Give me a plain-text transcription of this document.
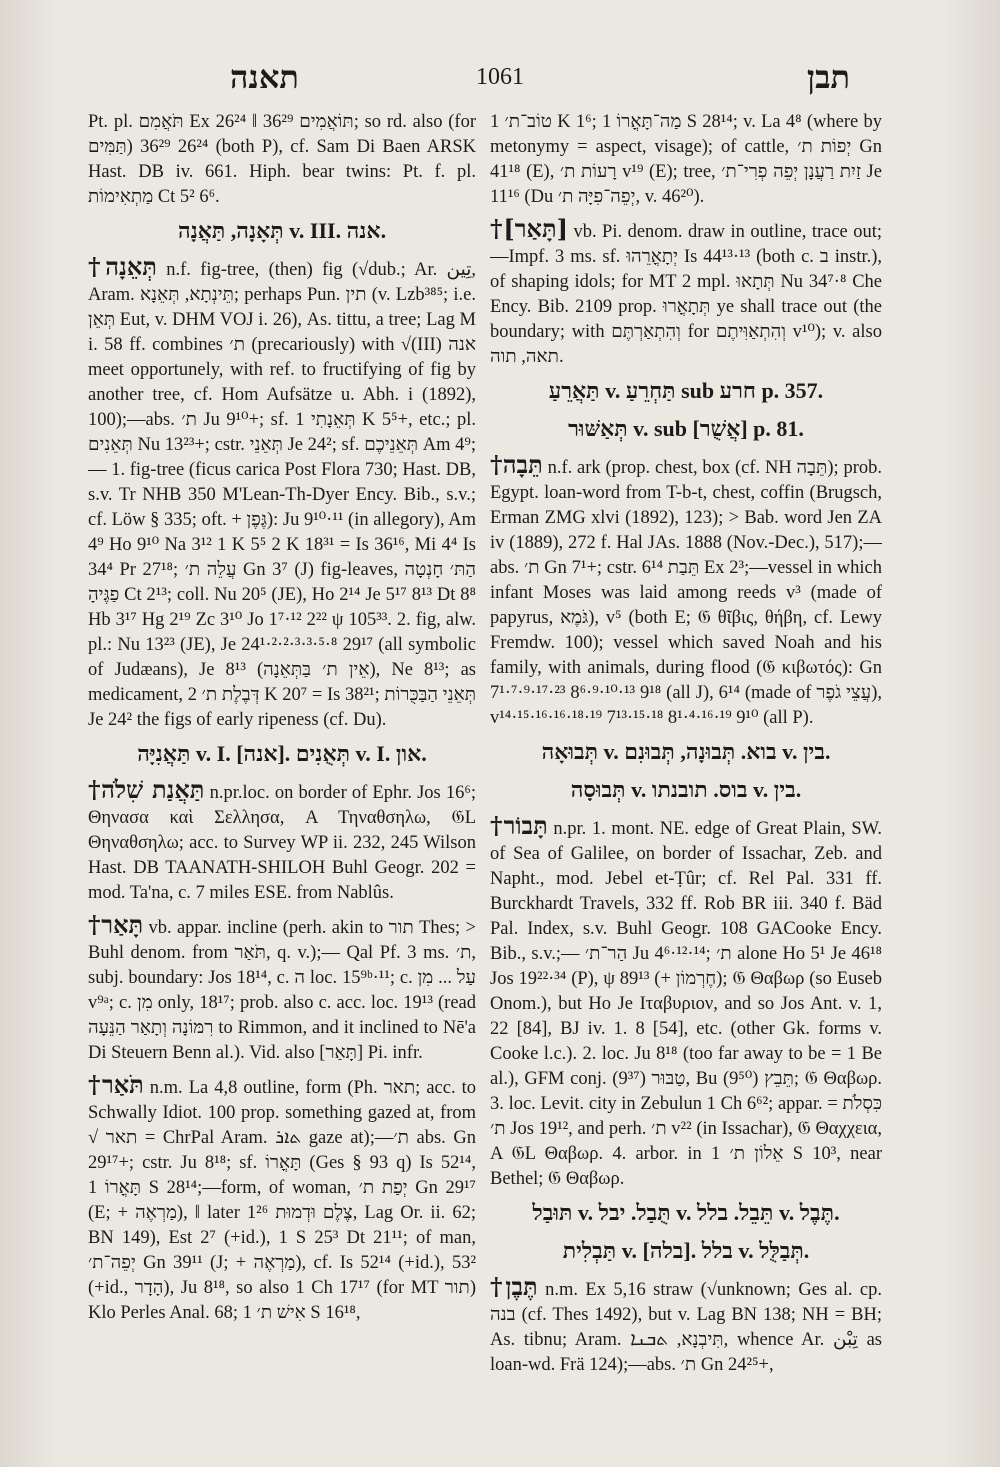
תאנה	1061	תבן

Pt. pl. תֹּאֲמִם Ex 26²⁴ ‖ תּוֹאֲמִים 36²⁹; so rd. also (for תַּמִּים) 26²⁴ 36²⁹ (both P), cf. Sam Di Baen ARSK Hast. DB iv. 661. Hiph. bear twins: Pt. f. pl. מַתְאִימוֹת Ct 5² 6⁶.

תְּאָנָה, תַּאֲנָה v. III. אנה.

†תְּאֵנָה n.f. fig-tree, (then) fig (√dub.; Ar. تِين, Aram. תֵּינְתָא, תְּאֵנָא; perhaps Pun. תין (v. Lzb³⁸⁵; i.e. תְּאֵן Eut, v. DHM VOJ i. 26), As. tittu, a tree; Lag M i. 58 ff. combines ת׳ (precariously) with √(III) אנה meet opportunely, with ref. to fructifying of fig by another tree, cf. Hom Aufsätze u. Abh. i (1892), 100);—abs. ת׳ Ju 9¹⁰+; sf. תְּאֵנָתִי 1 K 5⁵+, etc.; pl. תְּאֵנִים Nu 13²³+; cstr. תְּאֵנֵי Je 24²; sf. תְּאֵנֵיכֶם Am 4⁹;— 1. fig-tree (ficus carica Post Flora 730; Hast. DB, s.v. Tr NHB 350 M'Lean-Th-Dyer Ency. Bib., s.v.; cf. Löw § 335; oft. + גֶּפֶן): Ju 9¹⁰·¹¹ (in allegory), Am 4⁹ Ho 9¹⁰ Na 3¹² 1 K 5⁵ 2 K 18³¹ = Is 36¹⁶, Mi 4⁴ Is 34⁴ Pr 27¹⁸; עֲלֵה ת׳ Gn 3⁷ (J) fig-leaves, הַתּ׳ חָנְטָה פַגֶּיהָ Ct 2¹³; coll. Nu 20⁵ (JE), Ho 2¹⁴ Je 5¹⁷ 8¹³ Dt 8⁸ Hb 3¹⁷ Hg 2¹⁹ Zc 3¹⁰ Jo 1⁷·¹² 2²² ψ 105³³. 2. fig, alw. pl.: Nu 13²³ (JE), Je 24¹·²·²·³·³·⁵·⁸ 29¹⁷ (all symbolic of Judæans), Je 8¹³ (אֵין ת׳ בַּתְּאֵנָה), Ne 8¹³; as medicament, דְּבֶלֶת ת׳ 2 K 20⁷ = Is 38²¹; תְּאֵנֵי הַבַּכֻּרוֹת Je 24² the figs of early ripeness (cf. Du).

תַּאֲנִיָּה v. I. [אנה]. תְּאֻנִים v. I. און.

†תַּאֲנַת שִׁלֹה n.pr.loc. on border of Ephr. Jos 16⁶; Θηνασα καὶ Σελλησα, A Τηναθσηλω, 𝔊L Θηναθσηλω; acc. to Survey WP ii. 232, 245 Wilson Hast. DB TAANATH-SHILOH Buhl Geogr. 202 = mod. Ta'na, c. 7 miles ESE. from Nablûs.

†תָּאַר vb. appar. incline (perh. akin to תור Thes; > Buhl denom. from תֹּאַר, q. v.);— Qal Pf. 3 ms. ת׳, subj. boundary: Jos 18¹⁴, c. ה loc. 15⁹ᵇ·¹¹; c. עַל ... מִן v⁹ᵃ; c. מִן only, 18¹⁷; prob. also c. acc. loc. 19¹³ (read רִמּוֹנָה וְתָאַר הַנֵּעָה to Rimmon, and it inclined to Nē'a Di Steuern Benn al.). Vid. also [תָּאַר] Pi. infr.

†תֹּאַר n.m. La 4,8 outline, form (Ph. תאר; acc. to Schwally Idiot. 100 prop. something gazed at, from √ תאר = ChrPal Aram. ܬܐܪ gaze at);—ת׳ abs. Gn 29¹⁷+; cstr. Ju 8¹⁸; sf. תָּאֳרוֹ (Ges § 93 q) Is 52¹⁴, תָּאֳרוֹ 1 S 28¹⁴;—form, of woman, יְפַת ת׳ Gn 29¹⁷ (E; + מַרְאֶה), ‖ later צֶלֶם וּדְמוּת 1²⁶, Lag Or. ii. 62; BN 149), Est 2⁷ (+id.), 1 S 25³ Dt 21¹¹; of man, יְפֵה־ת׳ Gn 39¹¹ (J; + מַרְאֶה), cf. Is 52¹⁴ (+id.), 53² (+id., הָדָר), Ju 8¹⁸, so also 1 Ch 17¹⁷ (for MT תור) Klo Perles Anal. 68; אִישׁ ת׳ 1 S 16¹⁸,

טוֹב־ת׳ 1 K 1⁶; מַה־תָּאֳרוֹ 1 S 28¹⁴; v. La 4⁸ (where by metonymy = aspect, visage); of cattle, יְפוֹת ת׳ Gn 41¹⁸ (E), רָעוֹת ת׳ v¹⁹ (E); tree, זַיִת רַעֲנָן יְפֵה פְרִי־ת׳ Je 11¹⁶ (Du יְפֵה־פִיָּה ת׳, v. 46²⁰).

†[תָּאַר] vb. Pi. denom. draw in outline, trace out;—Impf. 3 ms. sf. יְתָאֳרֵהוּ Is 44¹³·¹³ (both c. ב instr.), of shaping idols; for MT 2 mpl. תְּתָאוּ Nu 34⁷·⁸ Che Ency. Bib. 2109 prop. תְּתָאֳרוּ ye shall trace out (the boundary; with וְהִתְאַרְתֶּם for וְהִתְאַוִּיתֶם v¹⁰); v. also תאה, תוה.

תַּאֲרֵעַ v. תַּחְרֵעַ sub חרע p. 357.
תְּאַשּׁוּר v. sub [אֲשֻׁר] p. 81.

†תֵּבָה n.f. ark (prop. chest, box (cf. NH תֵּבָה); prob. Egypt. loan-word from T-b-t, chest, coffin (Brugsch, Erman ZMG xlvi (1892), 123); > Bab. word Jen ZA iv (1889), 272 f. Hal JAs. 1888 (Nov.-Dec.), 517);— abs. ת׳ Gn 7¹+; cstr. תֵּבַת 6¹⁴ Ex 2³;—vessel in which infant Moses was laid among reeds v³ (made of papyrus, גֹּמֶא), v⁵ (both E; 𝔊 θῖβις, θήβη, cf. Lewy Fremdw. 100); vessel which saved Noah and his family, with animals, during flood (𝔊 κιβωτός): Gn 7¹·⁷·⁹·¹⁷·²³ 8⁶·⁹·¹⁰·¹³ 9¹⁸ (all J), 6¹⁴ (made of עֲצֵי גֹפֶר), v¹⁴·¹⁵·¹⁶·¹⁶·¹⁸·¹⁹ 7¹³·¹⁵·¹⁸ 8¹·⁴·¹⁶·¹⁹ 9¹⁰ (all P).

תְּבוּאָה v. בוא. תְּבוּנָה, תְּבוּנִם v. בין.
תְּבוּסָה v. בוס. תובנתו v. בין.

†תָּבוֹר n.pr. 1. mont. NE. edge of Great Plain, SW. of Sea of Galilee, on border of Issachar, Zeb. and Napht., mod. Jebel et-Ṭûr; cf. Rel Pal. 331 ff. Burckhardt Travels, 332 ff. Rob BR iii. 340 f. Bäd Pal. Index, s.v. Buhl Geogr. 108 GACooke Ency. Bib., s.v.;— הַר־ת׳ Ju 4⁶·¹²·¹⁴; ת׳ alone Ho 5¹ Je 46¹⁸ Jos 19²²·³⁴ (P), ψ 89¹³ (+ חֶרְמוֹן); 𝔊 Θαβωρ (so Euseb Onom.), but Ho Je Ιταβυριον, and so Jos Ant. v. 1, 22 [84], BJ iv. 1. 8 [54], etc. (other Gk. forms v. Cooke l.c.). 2. loc. Ju 8¹⁸ (too far away to be = 1 Be al.), GFM conj. טַבּוּר (9³⁷), Bu תֵּבֵץ (9⁵⁰); 𝔊 Θαβωρ. 3. loc. Levit. city in Zebulun 1 Ch 6⁶²; appar. = כִּסְלֹת ת׳ Jos 19¹², and perh. ת׳ v²² (in Issachar), 𝔊 Θαχχεια, A 𝔊L Θαβωρ. 4. arbor. in אֵלוֹן ת׳ 1 S 10³, near Bethel; 𝔊 Θαβωρ.

תּוּבַל v. תֻּבַל. יבל v. תֵּבֵל. בלל v. תֶּבֶל.
תַּבְלִית v. [בלה]. בלל v. תְּבַלֻּל.

†תֶּבֶן n.m. Ex 5,16 straw (√unknown; Ges al. cp. בנה (cf. Thes 1492), but v. Lag BN 138; NH = BH; As. tibnu; Aram. תִּיבְנָא, ܬܒܢܐ, whence Ar. تِبْن as loan-wd. Frä 124);—abs. ת׳ Gn 24²⁵+,
